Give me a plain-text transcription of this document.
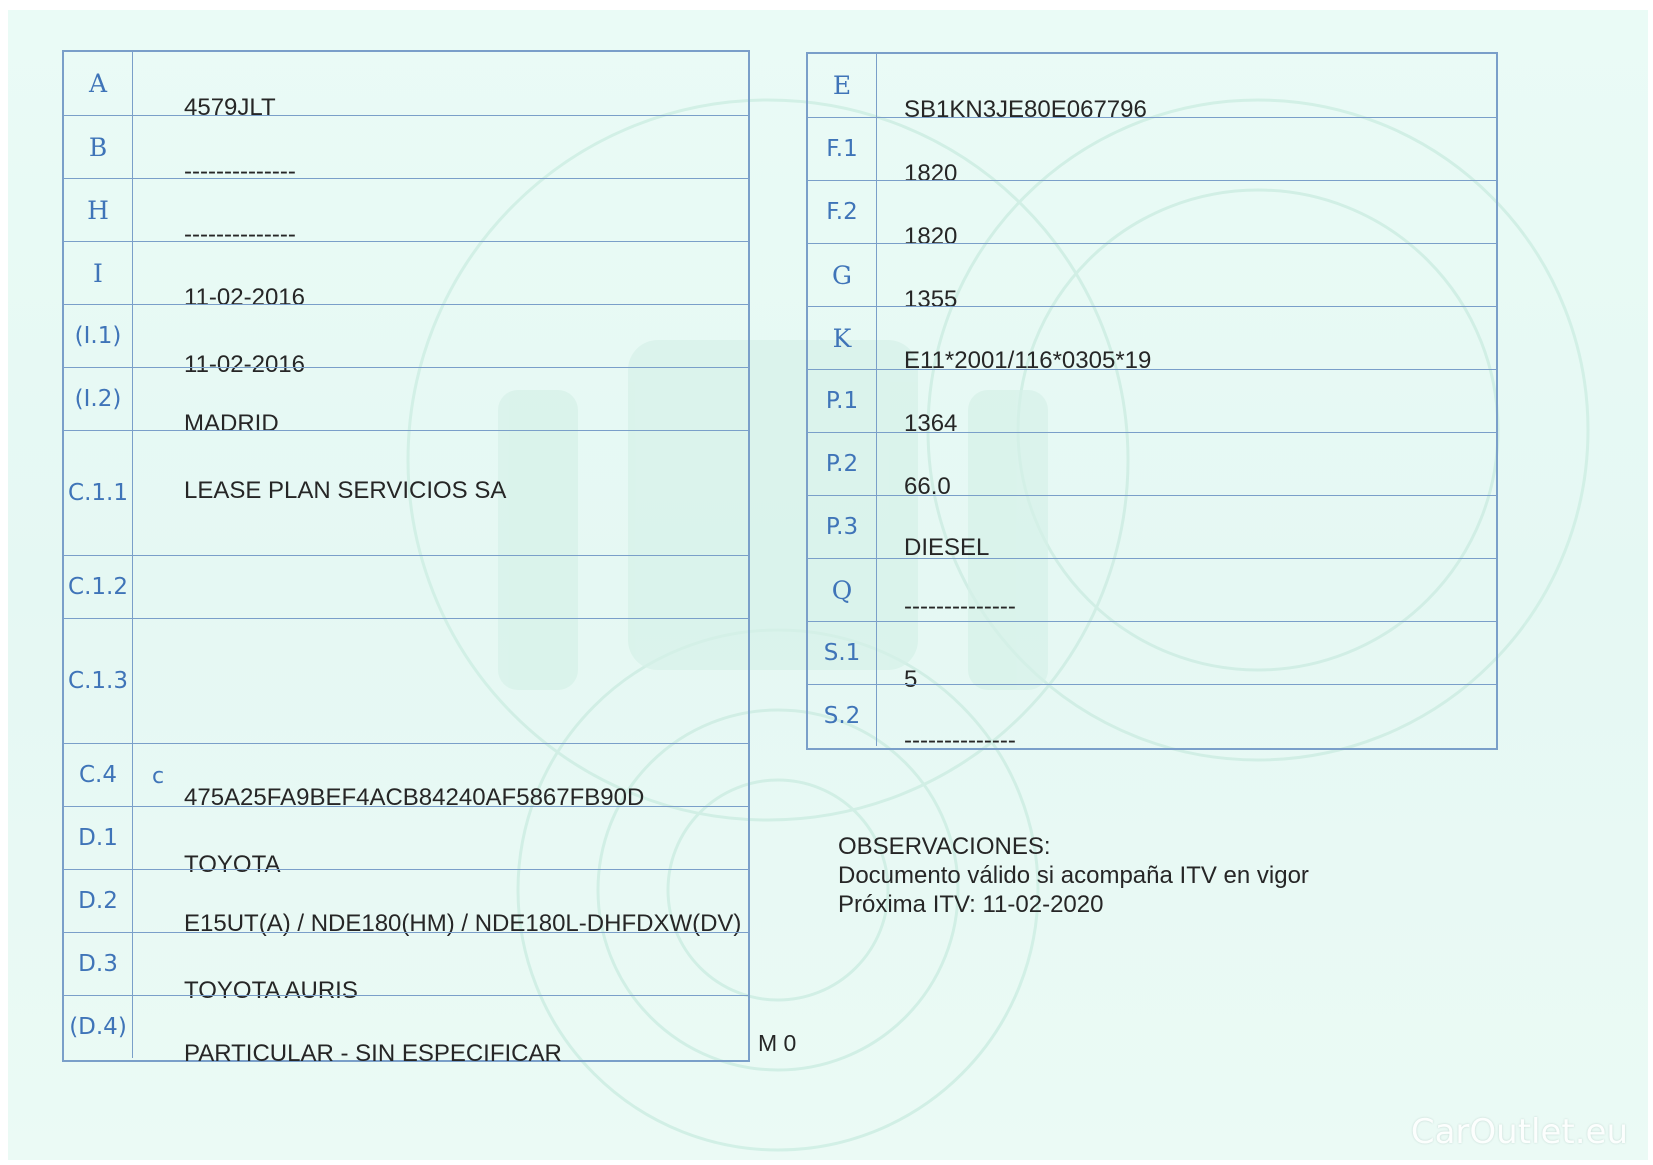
A
4579JLT
B
--------------
H
--------------
I
11-02-2016
(I.1)
11-02-2016
(I.2)
MADRID
C.1.1 LEASE PLAN SERVICIOS SA
C.1.2
C.1.3
C.4	c
475A25FA9BEF4ACB84240AF5867FB90D
D.1
TOYOTA
D.2
E15UT(A) / NDE180(HM) / NDE180L-DHFDXW(DV)
D.3
TOYOTA AURIS
(D.4)
PARTICULAR - SIN ESPECIFICAR
E
SB1KN3JE80E067796
F.1
1820
F.2
1820
G
1355
K
E11*2001/116*0305*19
P.1
1364
P.2
66.0
P.3
DIESEL
Q
--------------
S.1
5
S.2
--------------
OBSERVACIONES:
Documento válido si acompaña ITV en vigor
Próxima ITV: 11-02-2020
M 0
CarOutlet.eu
